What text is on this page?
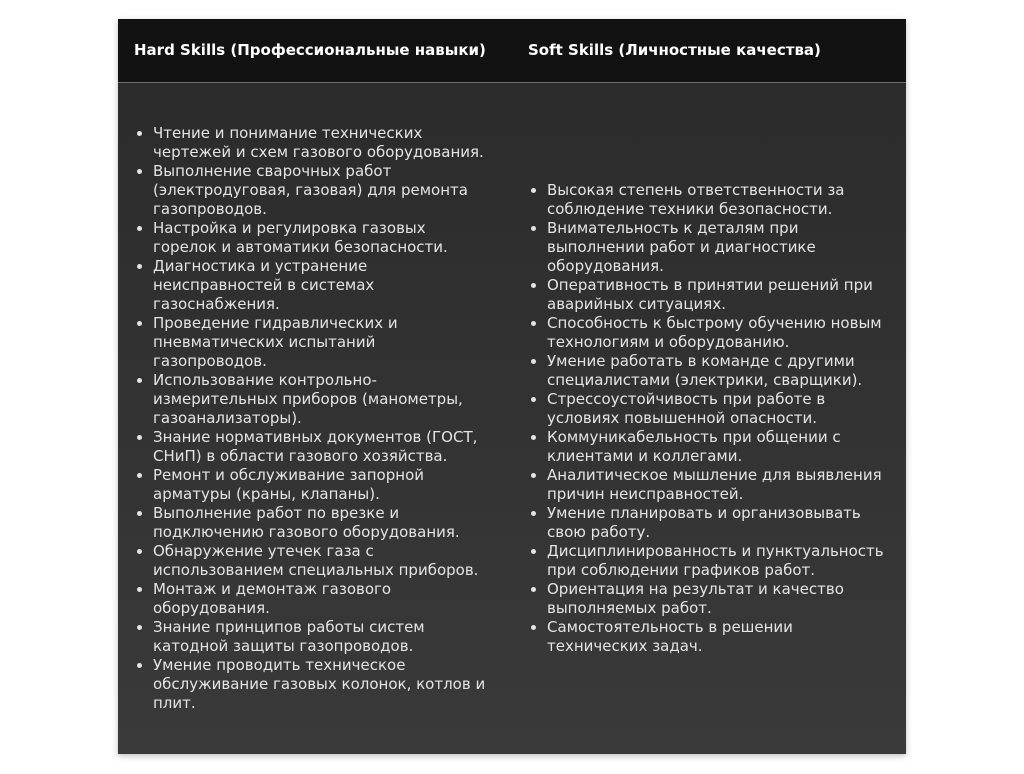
Hard Skills (Профессиональные навыки)	Soft Skills (Личностные качества)
• Чтение и понимание технических чертежей и схем газового оборудования.
• Выполнение сварочных работ (электродуговая, газовая) для ремонта газопроводов.
• Настройка и регулировка газовых горелок и автоматики безопасности.
• Диагностика и устранение неисправностей в системах газоснабжения.
• Проведение гидравлических и пневматических испытаний газопроводов.
• Использование контрольно-измерительных приборов (манометры, газоанализаторы).
• Знание нормативных документов (ГОСТ, СНиП) в области газового хозяйства.
• Ремонт и обслуживание запорной арматуры (краны, клапаны).
• Выполнение работ по врезке и подключению газового оборудования.
• Обнаружение утечек газа с использованием специальных приборов.
• Монтаж и демонтаж газового оборудования.
• Знание принципов работы систем катодной защиты газопроводов.
• Умение проводить техническое обслуживание газовых колонок, котлов и плит.
• Высокая степень ответственности за соблюдение техники безопасности.
• Внимательность к деталям при выполнении работ и диагностике оборудования.
• Оперативность в принятии решений при аварийных ситуациях.
• Способность к быстрому обучению новым технологиям и оборудованию.
• Умение работать в команде с другими специалистами (электрики, сварщики).
• Стрессоустойчивость при работе в условиях повышенной опасности.
• Коммуникабельность при общении с клиентами и коллегами.
• Аналитическое мышление для выявления причин неисправностей.
• Умение планировать и организовывать свою работу.
• Дисциплинированность и пунктуальность при соблюдении графиков работ.
• Ориентация на результат и качество выполняемых работ.
• Самостоятельность в решении технических задач.
